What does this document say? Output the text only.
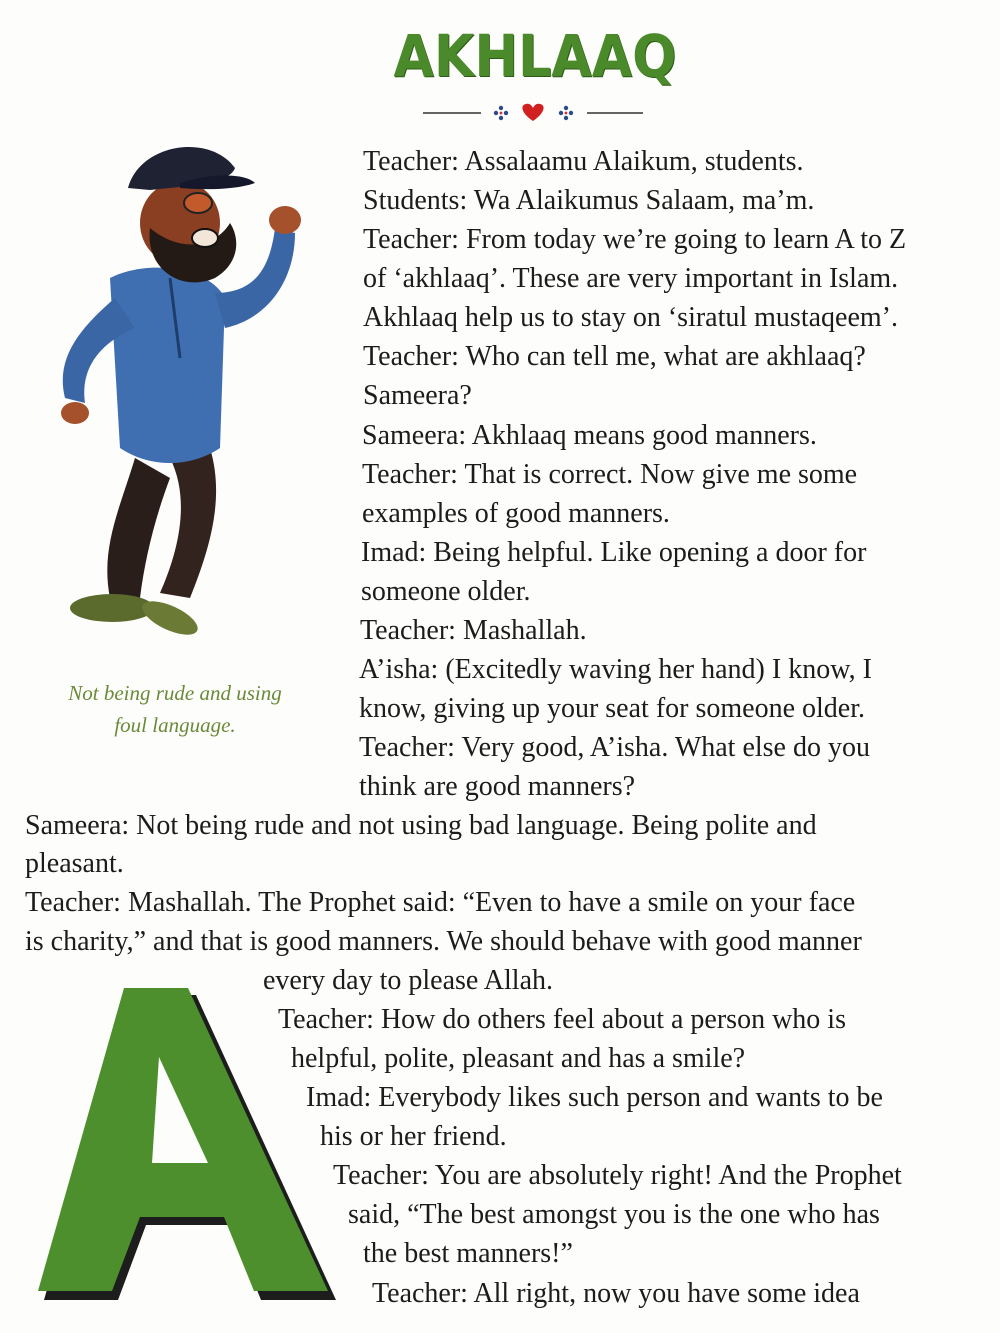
AKHLAAQ

Not being rude and using
foul language.

Teacher: Assalaamu Alaikum, students.

Students: Wa Alaikumus Salaam, ma’m.

Teacher: From today we’re going to learn A to Z

of ‘akhlaaq’. These are very important in Islam.

Akhlaaq help us to stay on ‘siratul mustaqeem’.

Teacher: Who can tell me, what are akhlaaq?

Sameera?

Sameera: Akhlaaq means good manners.

Teacher: That is correct. Now give me some

examples of good manners.

Imad: Being helpful. Like opening a door for

someone older.

Teacher: Mashallah.

A’isha: (Excitedly waving her hand) I know, I

know, giving up your seat for someone older.

Teacher: Very good, A’isha. What else do you

think are good manners?

Sameera: Not being rude and not using bad language. Being polite and

pleasant.

Teacher: Mashallah. The Prophet said: “Even to have a smile on your face

is charity,” and that is good manners. We should behave with good manner

every day to please Allah.

Teacher: How do others feel about a person who is

helpful, polite, pleasant and has a smile?

Imad: Everybody likes such person and wants to be

his or her friend.

Teacher: You are absolutely right! And the Prophet

said, “The best amongst you is the one who has

the best manners!”

Teacher: All right, now you have some idea
